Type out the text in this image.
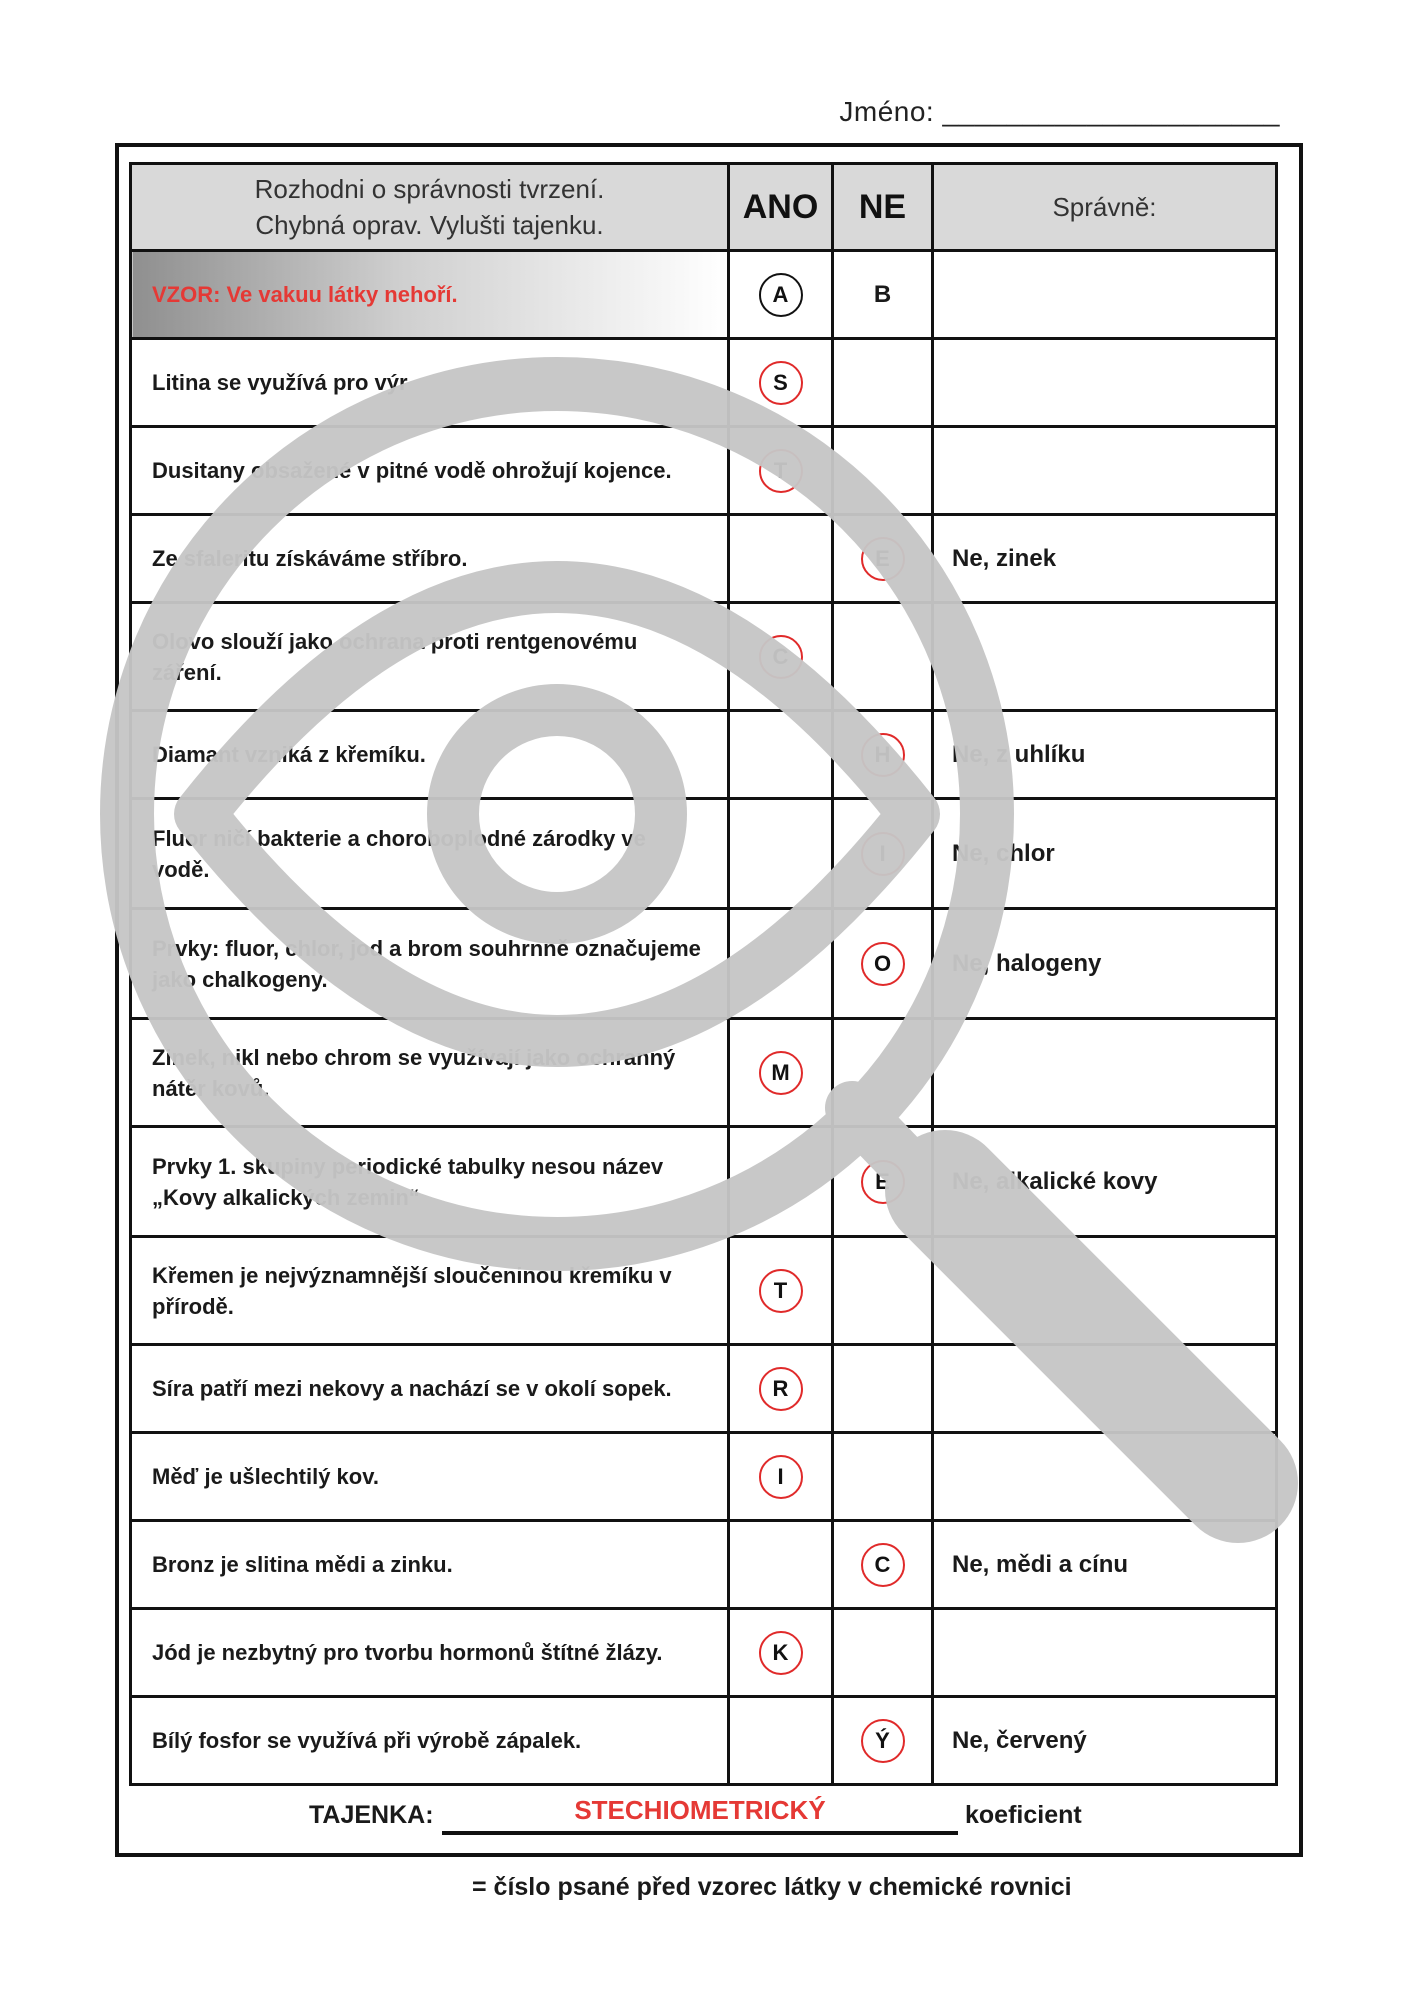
Jméno: _____________________
Rozhodni o správnosti tvrzení.
Chybná oprav. Vylušti tajenku.	ANO	NE	Správně:
VZOR: Ve vakuu látky nehoří.	A	B	
Litina se využívá pro výr	S		
Dusitany obsažené v pitné vodě ohrožují kojence.	T		
Ze sfaleritu získáváme stříbro.		E	Ne, zinek
Olovo slouží jako ochrana proti rentgenovému záření.	C		
Diamant vzniká z křemíku.		H	Ne, z uhlíku
Fluor ničí bakterie a choroboplodné zárodky ve vodě.		I	Ne, chlor
Prvky: fluor, chlor, jod a brom souhrnně označujeme jako chalkogeny.		O	Ne, halogeny
Zinek, nikl nebo chrom se využívají jako ochranný nátěr kovů.	M		
Prvky 1. skupiny periodické tabulky nesou název „Kovy alkalických zemin“		E	Ne, alkalické kovy
Křemen je nejvýznamnější sloučeninou křemíku v přírodě.	T		
Síra patří mezi nekovy a nachází se v okolí sopek.	R		
Měď je ušlechtilý kov.	I		
Bronz je slitina mědi a zinku.		C	Ne, mědi a cínu
Jód je nezbytný pro tvorbu hormonů štítné žlázy.	K		
Bílý fosfor se využívá při výrobě zápalek.		Ý	Ne, červený
TAJENKA:	STECHIOMETRICKÝ	koeficient
= číslo psané před vzorec látky v chemické rovnici
